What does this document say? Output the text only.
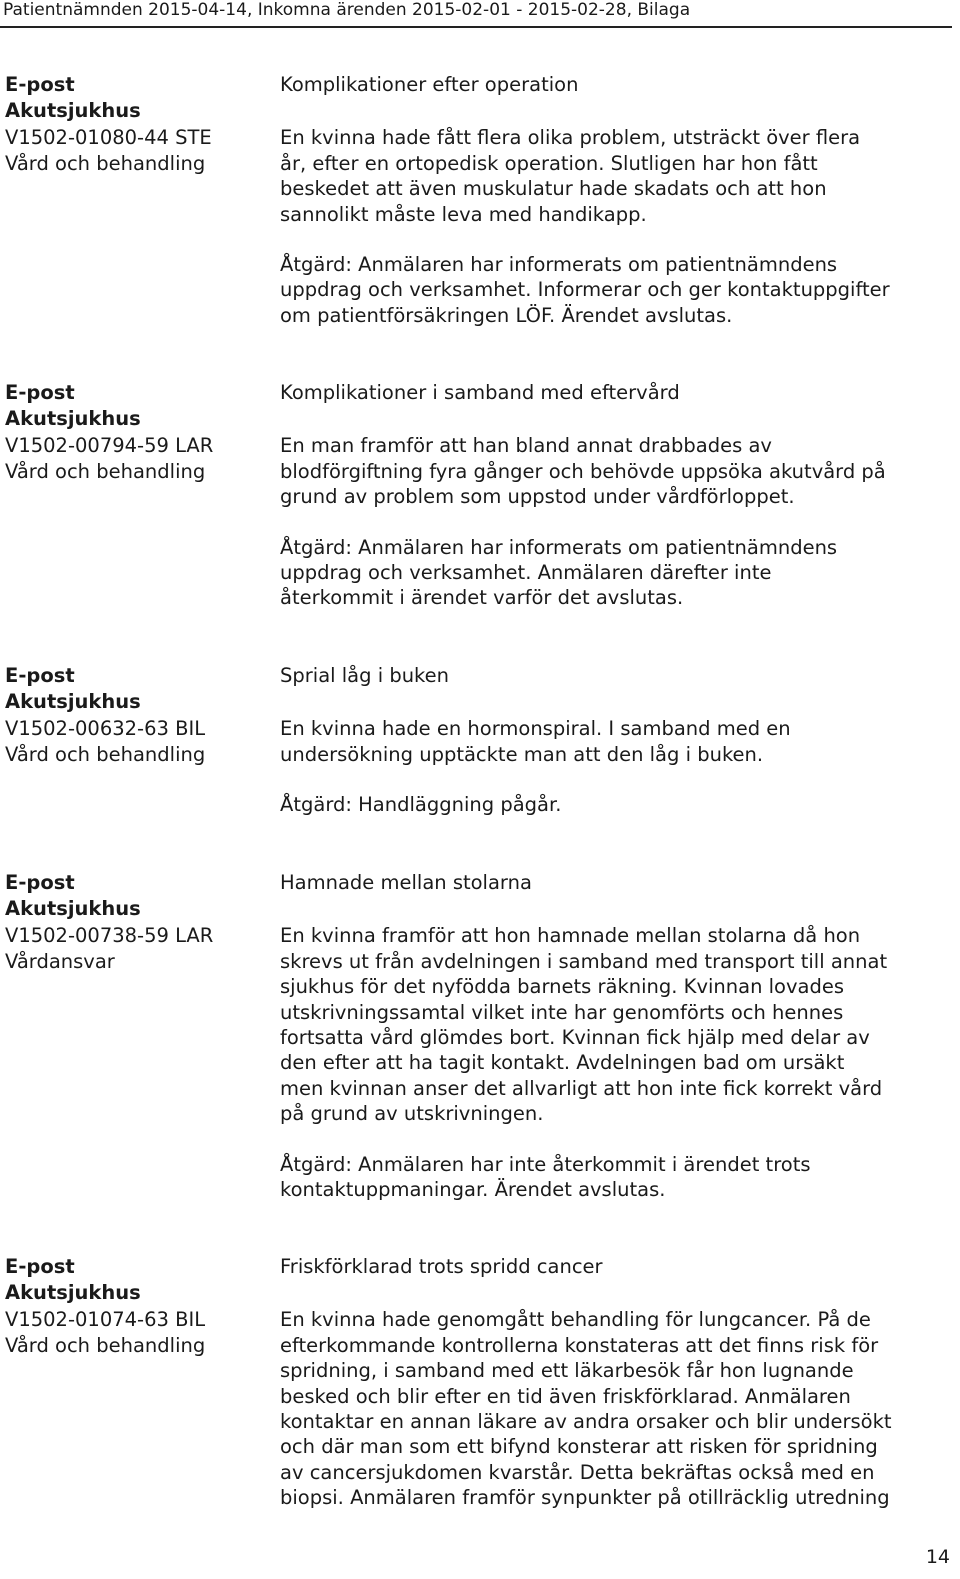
Patientnämnden 2015-04-14, Inkomna ärenden 2015-02-01 - 2015-02-28, Bilaga
E-post
Akutsjukhus
V1502-01080-44 STE
Vård och behandling

Komplikationer efter operation

En kvinna hade fått flera olika problem, utsträckt över flera
år, efter en ortopedisk operation. Slutligen har hon fått
beskedet att även muskulatur hade skadats och att hon
sannolikt måste leva med handikapp.

Åtgärd: Anmälaren har informerats om patientnämndens
uppdrag och verksamhet. Informerar och ger kontaktuppgifter
om patientförsäkringen LÖF. Ärendet avslutas.

E-post
Akutsjukhus
V1502-00794-59 LAR
Vård och behandling

Komplikationer i samband med eftervård

En man framför att han bland annat drabbades av
blodförgiftning fyra gånger och behövde uppsöka akutvård på
grund av problem som uppstod under vårdförloppet.

Åtgärd: Anmälaren har informerats om patientnämndens
uppdrag och verksamhet. Anmälaren därefter inte
återkommit i ärendet varför det avslutas.

E-post
Akutsjukhus
V1502-00632-63 BIL
Vård och behandling

Sprial låg i buken

En kvinna hade en hormonspiral. I samband med en
undersökning upptäckte man att den låg i buken.

Åtgärd: Handläggning pågår.

E-post
Akutsjukhus
V1502-00738-59 LAR
Vårdansvar

Hamnade mellan stolarna

En kvinna framför att hon hamnade mellan stolarna då hon
skrevs ut från avdelningen i samband med transport till annat
sjukhus för det nyfödda barnets räkning. Kvinnan lovades
utskrivningssamtal vilket inte har genomförts och hennes
fortsatta vård glömdes bort. Kvinnan fick hjälp med delar av
den efter att ha tagit kontakt. Avdelningen bad om ursäkt
men kvinnan anser det allvarligt att hon inte fick korrekt vård
på grund av utskrivningen.

Åtgärd: Anmälaren har inte återkommit i ärendet trots
kontaktuppmaningar. Ärendet avslutas.

E-post
Akutsjukhus
V1502-01074-63 BIL
Vård och behandling

Friskförklarad trots spridd cancer

En kvinna hade genomgått behandling för lungcancer. På de
efterkommande kontrollerna konstateras att det finns risk för
spridning, i samband med ett läkarbesök får hon lugnande
besked och blir efter en tid även friskförklarad. Anmälaren
kontaktar en annan läkare av andra orsaker och blir undersökt
och där man som ett bifynd konsterar att risken för spridning
av cancersjukdomen kvarstår. Detta bekräftas också med en
biopsi. Anmälaren framför synpunkter på otillräcklig utredning

14
